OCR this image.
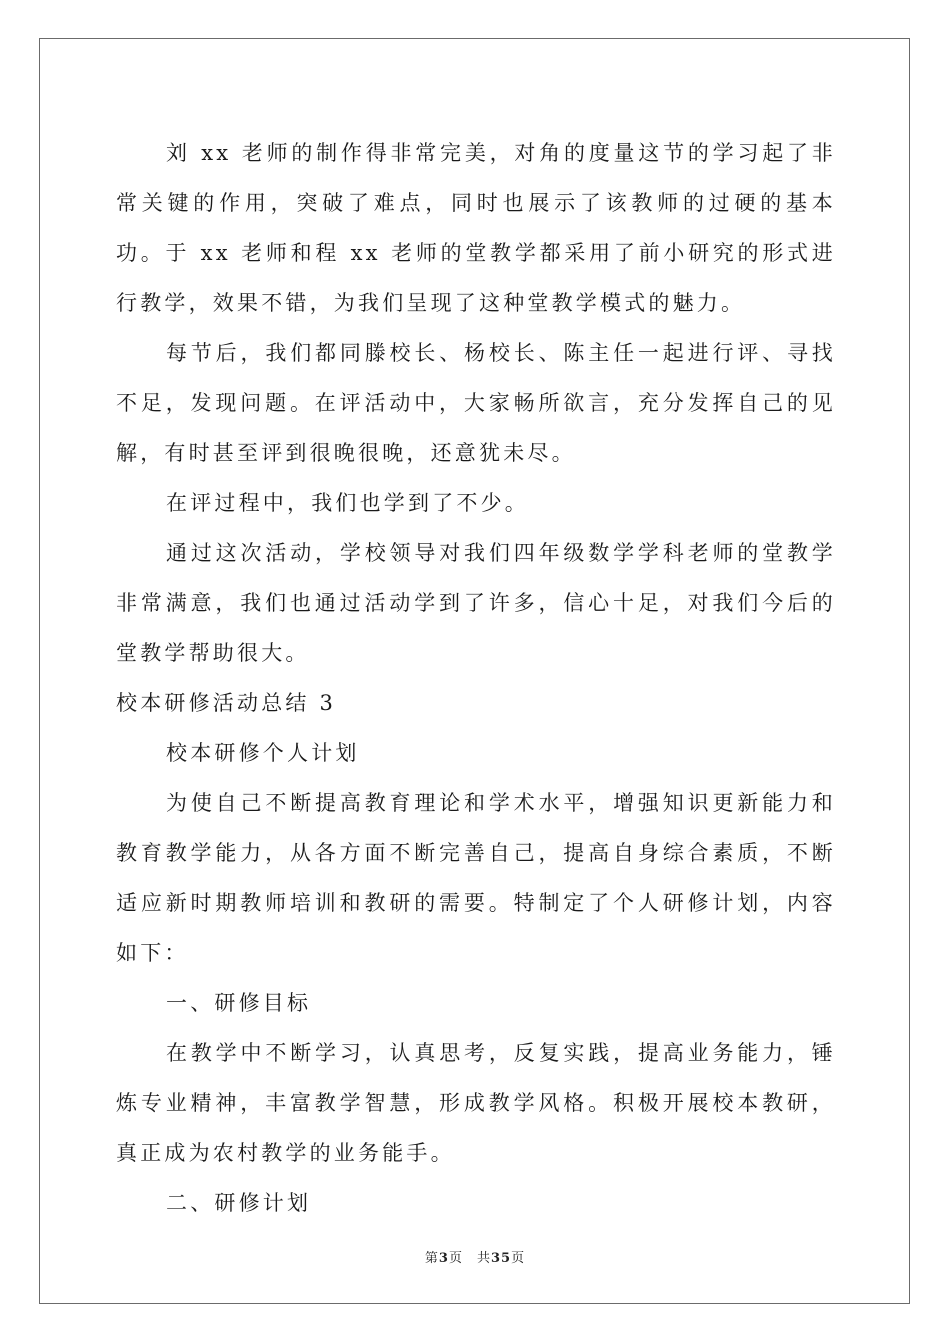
刘 xx 老师的制作得非常完美，对角的度量这节的学习起了非常关键的作用，突破了难点，同时也展示了该教师的过硬的基本功。于 xx 老师和程 xx 老师的堂教学都采用了前小研究的形式进行教学，效果不错，为我们呈现了这种堂教学模式的魅力。

每节后，我们都同滕校长、杨校长、陈主任一起进行评、寻找不足，发现问题。在评活动中，大家畅所欲言，充分发挥自己的见解，有时甚至评到很晚很晚，还意犹未尽。

在评过程中，我们也学到了不少。

通过这次活动，学校领导对我们四年级数学学科老师的堂教学非常满意，我们也通过活动学到了许多，信心十足，对我们今后的堂教学帮助很大。

校本研修活动总结 3

校本研修个人计划

为使自己不断提高教育理论和学术水平，增强知识更新能力和教育教学能力，从各方面不断完善自己，提高自身综合素质，不断适应新时期教师培训和教研的需要。特制定了个人研修计划，内容如下：

一、研修目标

在教学中不断学习，认真思考，反复实践，提高业务能力，锤炼专业精神，丰富教学智慧，形成教学风格。积极开展校本教研，真正成为农村教学的业务能手。

二、研修计划

第3页 共35页
